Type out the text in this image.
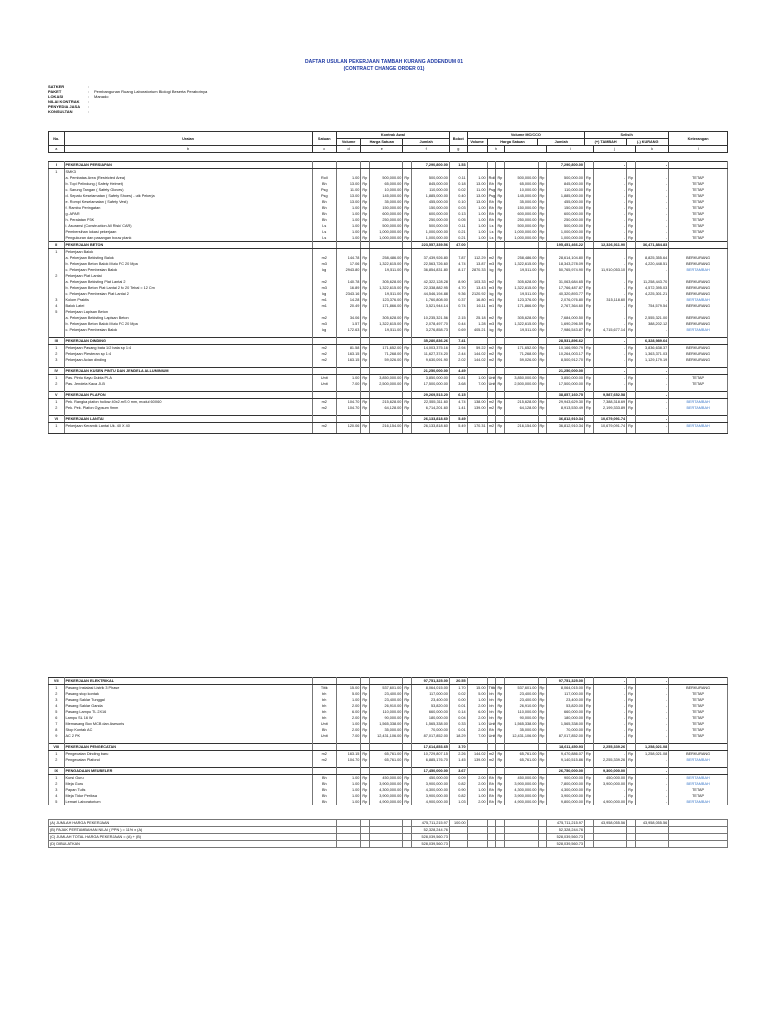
DAFTAR USULAN PEKERJAAN TAMBAH KURANG ADDENDUM 01
(CONTRACT CHANGE ORDER 01)
SATKER	:
PAKET	:	Pembangunan Ruang Laboratorium Biologi Beserta Perabotnya
LOKASI	:	Manado
NILAI KONTRAK	:
PENYEDIA JASA	:
KONSULTAN	:
No.	Uraian	Satuan	Kontrak Awal			Bobot	Volume MC/CCO					Selisih				Keterangan
			Volume	Harga Satuan	Jumlah		Volume	Harga Satuan		Jumlah		(+) TAMBAH		(-) KURANG		
a	b	c	d	e	f	g		h			i		j		k	l
I	PEKERJAAN PERSIAPAN						7,290,800.00	1.53						7,290,800.00		-		-	
1	SMK3																		
	a. Pembatas Area (Restricted Area)	Roll	1.00	Rp	500,000.00	Rp	500,000.00	0.11	1.00	Roll	Rp	500,000.00	Rp	500,000.00	Rp	-	Rp	-	TETAP
	b. Topi Pelindung ( Safety Helmet)	Bh	13.00	Rp	65,000.00	Rp	845,000.00	0.18	13.00	Bh	Rp	65,000.00	Rp	845,000.00	Rp	-	Rp	-	TETAP
	c. Sarung Tangan ( Safety Gloves)	Psg	11.00	Rp	10,000.00	Rp	110,000.00	0.02	11.00	Psg	Rp	10,000.00	Rp	110,000.00	Rp	-	Rp	-	TETAP
	d. Sepatu Keselamatan ( Safety Shoes) - utk Pekerja	Psg	13.00	Rp	145,000.00	Rp	1,885,000.00	0.40	13.00	Psg	Rp	145,000.00	Rp	1,885,000.00	Rp	-	Rp	-	TETAP
	e. Rompi Keselamatan ( Safety Vest)	Bh	13.00	Rp	35,000.00	Rp	455,000.00	0.10	13.00	Bh	Rp	35,000.00	Rp	455,000.00	Rp	-	Rp	-	TETAP
	f. Rambu Peringatan	Bh	1.00	Rp	150,000.00	Rp	150,000.00	0.03	1.00	Bh	Rp	150,000.00	Rp	150,000.00	Rp	-	Rp	-	TETAP
	g. APAR	Bh	1.00	Rp	600,000.00	Rp	600,000.00	0.13	1.00	Bh	Rp	600,000.00	Rp	600,000.00	Rp	-	Rp	-	TETAP
	h. Peralatan P3K	Bh	1.00	Rp	250,000.00	Rp	250,000.00	0.05	1.00	Bh	Rp	250,000.00	Rp	250,000.00	Rp	-	Rp	-	TETAP
	i. Asuransi (Construction All Risk/ CAR)	Ls	1.00	Rp	500,000.00	Rp	500,000.00	0.11	1.00	Ls	Rp	500,000.00	Rp	500,000.00	Rp	-	Rp	-	TETAP
	Pembersihan lokasi pekerjaan	Ls	1.00	Rp	1,000,000.00	Rp	1,000,000.00	0.21	1.00	Ls	Rp	1,000,000.00	Rp	1,000,000.00	Rp	-	Rp	-	TETAP
	Pengukuran dan pasangan bouw plank	Ls	1.00	Rp	1,000,000.00	Rp	1,000,000.00	0.21	1.00	Ls	Rp	1,000,000.00	Rp	1,000,000.00	Rp	-	Rp	-	TETAP
II	PEKERJAAN BETON						223,557,339.56	47.00						195,451,466.22		12,326,011.90		36,471,884.83	
1	Pekerjaan Balok																		
	a. Pekerjaan Bekisting Balok	m2	144.78	Rp	258,486.00	Rp	37,439,926.80	7.87	112.29	m2	Rp	258,486.00	Rp	28,614,104.80	Rp	-	Rp	8,825,355.64	BERKURANG
	b. Pekerjaan Beton Balok Mutu FC 20 Mpa	m3	17.06	Rp	1,322,615.00	Rp	22,563,726.60	4.74	13.87	m3	Rp	1,322,615.00	Rp	18,343,278.09	Rp	-	Rp	4,220,448.51	BERKURANG
	c. Pekerjaan Pembesian Balok	kg	2943.80	Rp	19,511.00	Rp	36,854,831.80	8.17	2870.33	kg	Rp	19,511.00	Rp	50,765,974.90	Rp	11,910,053.10	Rp	-	BERTAMBAH
2	Pekerjaan Plat Lantai																		
	a. Pekerjaan Bekisting Plat Lantai 2	m2	140.78	Rp	305,628.00	Rp	42,322,128.28	8.90	103.33	m2	Rp	305,628.00	Rp	31,063,684.65	Rp	-	Rp	11,258,443.70	BERKURANG
	b. Pekerjaan Beton Plat Lantai 2 fc 20 Tebal = 12 Cm	m3	16.89	Rp	1,322,615.00	Rp	22,338,882.95	4.70	13.43	m3	Rp	1,322,615.00	Rp	17,766,487.87	Rp	-	Rp	4,572,395.03	BERKURANG
	c. Pekerjaan Pembesian Plat Lantai 2	kg	2343.16	Rp	19,511.00	Rp	44,546,194.88	9.36	2120.92	kg	Rp	19,511.00	Rp	40,320,893.77	Rp	-	Rp	4,225,301.21	BERKURANG
3	Kolom Praktis	m1	14.28	Rp	123,376.00	Rp	1,760,808.00	0.37	16.80	m1	Rp	123,376.00	Rp	2,076,076.80	Rp	315,118.60	Rp	-	BERTAMBAH
4	Balok Latei	m1	20.49	Rp	171,866.00	Rp	3,521,944.14	0.74	16.11	m1	Rp	171,866.00	Rp	2,767,364.60	Rp	-	Rp	754,579.54	BERKURANG
5	Pekerjaan Lapisan Beton																		
	a. Pekerjaan Bekisting Lapisan Beton	m2	34.06	Rp	305,628.00	Rp	10,235,321.56	2.15	25.18	m2	Rp	305,628.00	Rp	7,684,000.50	Rp	-	Rp	2,555,321.00	BERKURANG
	b. Pekerjaan Beton Balok Mutu FC 20 Mpa	m3	1.57	Rp	1,322,615.00	Rp	2,078,497.70	0.44	1.28	m3	Rp	1,322,615.00	Rp	1,690,296.59	Rp	-	Rp	388,202.12	BERKURANG
	c. Pekerjaan Pembesian Balok	kg	172.63	Rp	19,511.00	Rp	3,276,858.73	0.69	405.21	kg	Rp	19,511.00	Rp	7,986,543.87	Rp	4,715,677.14	Rp	-	BERTAMBAH

III	PEKERJAAN DINDING						35,280,836.26	7.41						28,531,896.62		-		6,328,989.64	
1	Pekerjaan Pasang bata 1/2 bata sp 1:4	m2	81.58	Rp	171,652.00	Rp	14,003,375.16	2.94	59.22	m2	Rp	171,652.00	Rp	10,166,950.79	Rp	-	Rp	3,836,638.37	BERKURANG
2	Pekerjaan Plesteran sp 1:4	m2	163.15	Rp	71,268.00	Rp	11,627,374.20	2.44	144.02	m2	Rp	71,268.00	Rp	10,264,003.17	Rp	-	Rp	1,363,371.03	BERKURANG
3	Pekerjaan Acian dinding	m2	163.15	Rp	59,026.00	Rp	9,630,091.90	2.02	144.02	m2	Rp	59,026.00	Rp	8,500,912.70	Rp	-	Rp	1,129,179.19	BERKURANG

IV	PEKERJAAN KUSEN PINTU DAN JENDELA ALLUMINIUM						21,250,000.00	4.49						21,250,000.00		-		-	
1	Pas. Pintu Kayu Dubla PI-A	Unit	1.00	Rp	3,850,000.00	Rp	3,850,000.00	0.81	1.00	Unit	Rp	3,850,000.00	Rp	3,850,000.00	Rp	-	Rp	-	TETAP
2	Pas. Jendela Kaca JI-B	Unit	7.00	Rp	2,500,000.00	Rp	17,500,000.00	3.68	7.00	Unit	Rp	2,500,000.00	Rp	17,500,000.00	Rp	-	Rp	-	TETAP

V	PEKERJAAN PLAFON						29,269,513.20	6.15						38,857,160.75		9,587,652.58		-	
1	Pek. Rangka plafon hollow 40x2.mS 0 mm, modul 60X60	m2	104.70	Rp	215,628.00	Rp	22,555,311.60	4.74	138.00	m2	Rp	215,628.00	Rp	29,943,629.30	Rp	7,388,318.69	Rp	-	BERTAMBAH
2	Pek. Pek. Plafon Gypsum 9mm	m2	104.70	Rp	64,128.00	Rp	6,714,201.60	1.41	139.00	m2	Rp	64,128.00	Rp	8,913,530.49	Rp	2,199,333.89	Rp	-	BERTAMBAH

VI	PEKERJAAN LANTAI						26,133,818.60	5.49						36,812,910.34		10,679,091.74		-	
1	Pekerjaan Keramik Lantai Uk. 40 X 40	m2	120.06	Rp	216,154.00	Rp	26,133,818.60	5.49	170.31	m2	Rp	216,154.00	Rp	36,812,910.34	Rp	10,679,091.74	Rp	-	BERTAMBAH

VII	PEKERJAAN ELEKTRIKAL						97,751,325.00	20.55						97,751,325.00		-		-	
1	Pasang Instalasi Listrik 3 Phase	Titik	15.00	Rp	537,601.00	Rp	8,064,015.00	1.70	15.00	Titik	Rp	537,601.00	Rp	8,064,015.00	Rp	-	Rp	-	BERKURANG
2	Pasang stop kontak	bh	5.00	Rp	23,400.00	Rp	117,000.00	0.02	5.00	bh	Rp	23,400.00	Rp	117,000.00	Rp	-	Rp	-	TETAP
3	Pasang Saklar Tunggal	bh	1.00	Rp	23,400.00	Rp	23,400.00	0.00	1.00	bh	Rp	23,400.00	Rp	23,400.00	Rp	-	Rp	-	TETAP
4	Pasang Saklar Ganda	bh	2.00	Rp	26,910.00	Rp	53,820.00	0.01	2.00	bh	Rp	26,910.00	Rp	53,820.00	Rp	-	Rp	-	TETAP
5	Pasang Lampu TL 2X16	bh	6.00	Rp	110,000.00	Rp	660,000.00	0.14	6.00	bh	Rp	110,000.00	Rp	660,000.00	Rp	-	Rp	-	TETAP
6	Lampu SL 16 W	bh	2.00	Rp	90,000.00	Rp	180,000.00	0.04	2.00	bh	Rp	90,000.00	Rp	180,000.00	Rp	-	Rp	-	TETAP
7	Memasang Box MCB dan Asesoris	Unit	1.00	Rp	1,565,338.00	Rp	1,565,338.00	0.33	1.00	Unit	Rp	1,565,338.00	Rp	1,565,338.00	Rp	-	Rp	-	TETAP
8	Stop Kontak AC	Bh	2.00	Rp	35,000.00	Rp	70,000.00	0.01	2.00	Bh	Rp	35,000.00	Rp	70,000.00	Rp	-	Rp	-	TETAP
9	AC 2 PK	Unit	7.00	Rp	12,431,106.00	Rp	87,017,852.00	18.29	7.00	Unit	Rp	12,431,106.00	Rp	87,017,852.00	Rp	-	Rp	-	TETAP

VIII	PEKERJAAN PENGECATAN						17,614,853.65	3.70						18,611,450.93		2,255,339.26		1,258,021.08	
1	Pengecatan Dinding baru	m2	163.15	Rp	65,761.00	Rp	10,729,807.15	2.26	144.02	m2	Rp	65,761.00	Rp	9,470,886.07	Rp	-	Rp	1,258,021.08	BERKURANG
2	Pengecatan Plafond	m2	104.70	Rp	65,761.00	Rp	6,885,176.70	1.45	139.00	m2	Rp	65,761.00	Rp	9,140,515.86	Rp	2,255,339.26	Rp	-	BERTAMBAH

IX	PENGADAAN MEUBELER						17,450,000.00	3.67						26,750,000.00		9,300,000.00		-	
1	Kursi Guru	Bh	1.00	Rp	450,000.00	Rp	450,000.00	0.09	2.00	Bh	Rp	450,000.00	Rp	900,000.00	Rp	450,000.00	Rp	-	BERTAMBAH
2	Meja Guru	Bh	1.00	Rp	3,900,000.00	Rp	3,900,000.00	0.82	2.00	Bh	Rp	3,900,000.00	Rp	7,800,000.00	Rp	3,900,000.00	Rp	-	BERTAMBAH
3	Papan Tulis	Bh	1.00	Rp	4,300,000.00	Rp	4,300,000.00	0.90	1.00	Bh	Rp	4,300,000.00	Rp	4,300,000.00	Rp	-	Rp	-	TETAP
4	Meja Tidur Periksa	Bh	1.00	Rp	3,900,000.00	Rp	3,900,000.00	0.82	1.00	Bh	Rp	3,900,000.00	Rp	3,900,000.00	Rp	-	Rp	-	TETAP
5	Lemari Laboratorium	Bh	1.00	Rp	4,900,000.00	Rp	4,900,000.00	1.03	2.00	Bh	Rp	4,900,000.00	Rp	9,800,000.00	Rp	4,900,000.00	Rp	-	BERTAMBAH
(A) JUMLAH HARGA PEKERJAAN					475,711,215.97	100.00						475,711,215.97		43,958,055.56		43,958,055.56	
(B) PAJAK PERTAMBAHAN NILAI ( PPN ) = 11% x (A)					52,328,244.76							52,328,244.76					
(C) JUMLAH TOTAL HARGA PEKERJAAN = (A) + (B)					528,039,560.73							528,039,560.73					
(D) DIBULATKAN					528,039,560.73							528,039,560.73					
